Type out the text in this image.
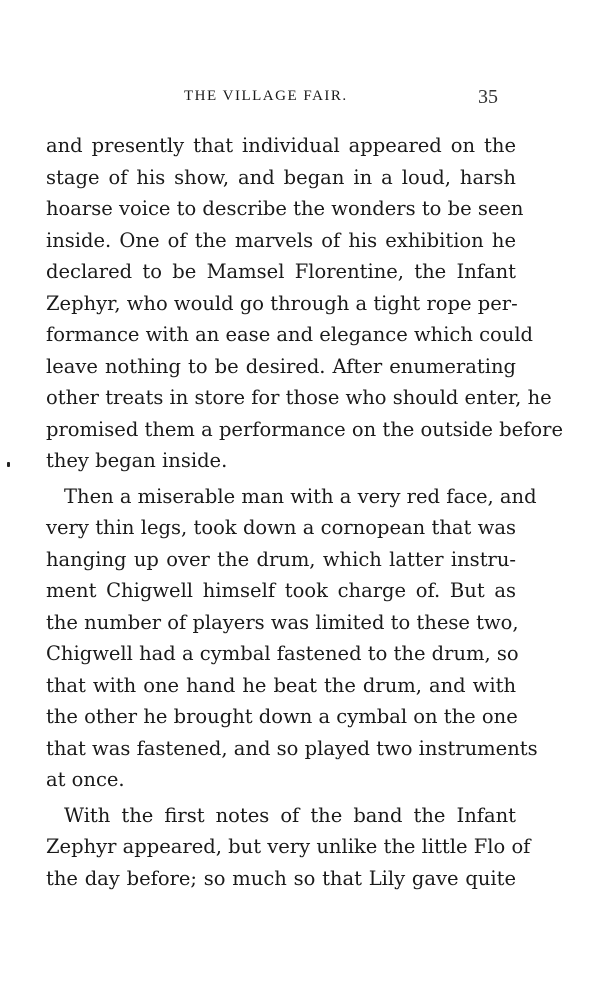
THE VILLAGE FAIR.	35
and presently that individual appeared on the
stage of his show, and began in a loud, harsh
hoarse voice to describe the wonders to be seen
inside. One of the marvels of his exhibition he
declared to be Mamsel Florentine, the Infant
Zephyr, who would go through a tight rope per-
formance with an ease and elegance which could
leave nothing to be desired. After enumerating
other treats in store for those who should enter, he
promised them a performance on the outside before
they began inside.
Then a miserable man with a very red face, and
very thin legs, took down a cornopean that was
hanging up over the drum, which latter instru-
ment Chigwell himself took charge of. But as
the number of players was limited to these two,
Chigwell had a cymbal fastened to the drum, so
that with one hand he beat the drum, and with
the other he brought down a cymbal on the one
that was fastened, and so played two instruments
at once.
With the first notes of the band the Infant
Zephyr appeared, but very unlike the little Flo of
the day before; so much so that Lily gave quite
